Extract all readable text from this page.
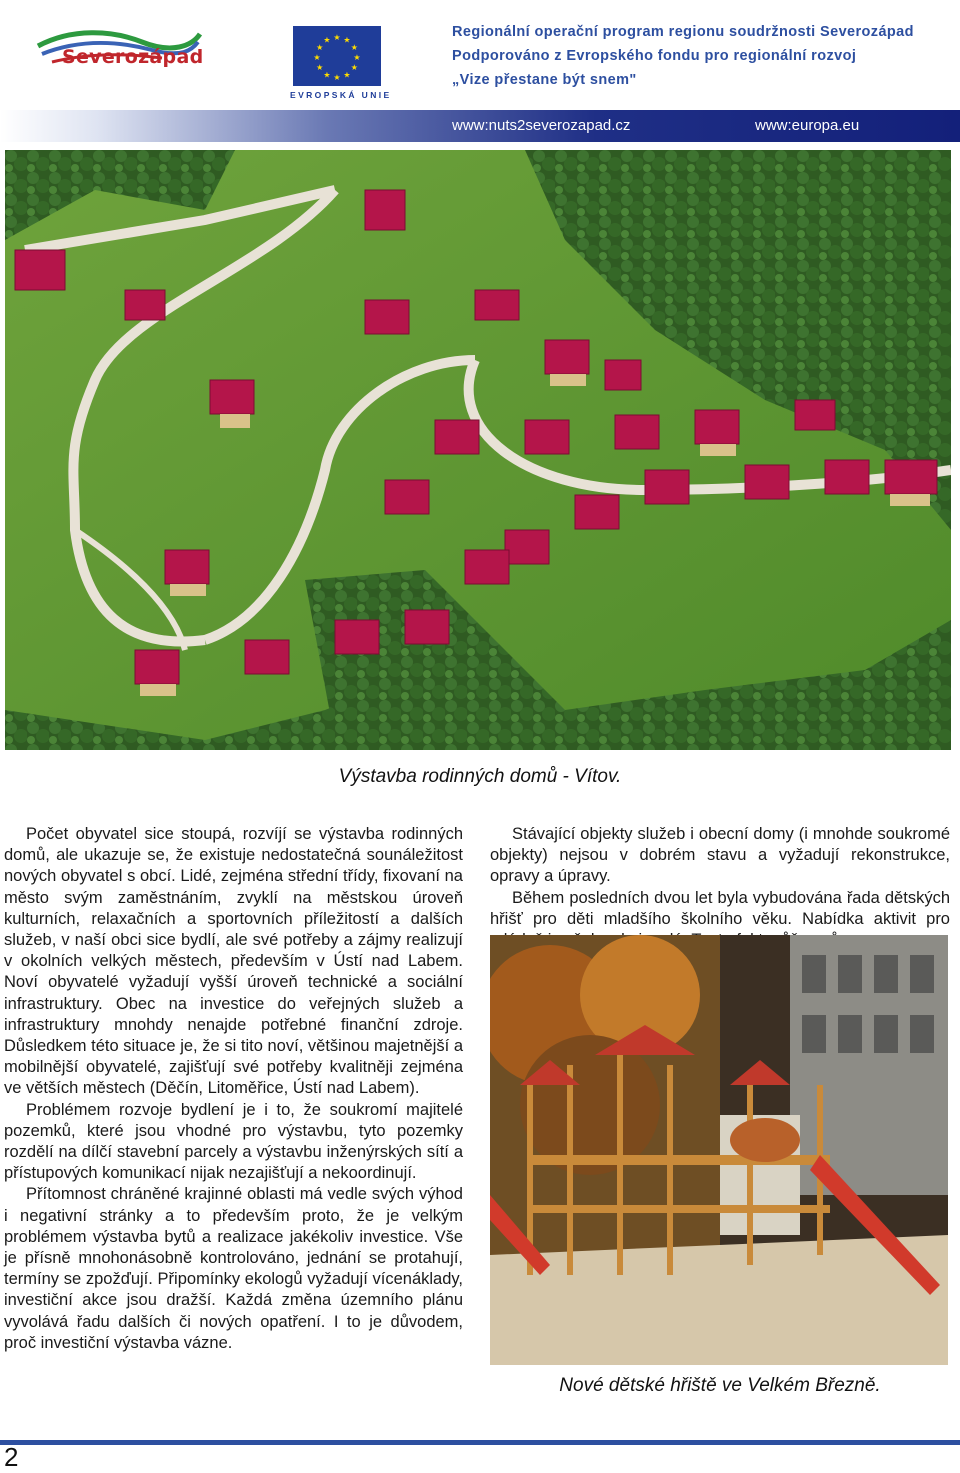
Severozápad
★ ★
★
★
★
★
★
★
★
★
★
★
EVROPSKÁ UNIE
Regionální operační program regionu soudržnosti Severozápad
Podporováno z Evropského fondu pro regionální rozvoj
„Vize přestane být snem"
www:nuts2severozapad.cz	www:europa.eu
Výstavba rodinných domů - Vítov.

Počet obyvatel sice stoupá, rozvíjí se výstavba rodinných domů, ale ukazuje se, že existuje nedostatečná sounáležitost nových obyvatel s obcí. Lidé, zejména střední třídy, fixovaní na město svým zaměstnáním, zvyklí na městskou úroveň kulturních, relaxačních a sportovních příležitostí a dalších služeb, v naší obci sice bydlí, ale své potřeby a zájmy realizují v okolních velkých městech, především v Ústí nad Labem. Noví obyvatelé vyžadují vyšší úroveň technické a sociální infrastruktury. Obec na investice do veřejných služeb a infrastruktury mnohdy nenajde potřebné finanční zdroje. Důsledkem této situace je, že si tito noví, většinou majetnější a mobilnější obyvatelé, zajišťují své potřeby kvalitněji zejména ve větších městech (Děčín, Litoměřice, Ústí nad Labem).

Problémem rozvoje bydlení je i to, že soukromí majitelé pozemků, které jsou vhodné pro výstavbu, tyto pozemky rozdělí na dílčí stavební parcely a výstavbu inženýrských sítí a přístupových komunikací nijak nezajišťují a nekoordinují.

Přítomnost chráněné krajinné oblasti má vedle svých výhod i negativní stránky a to především proto, že je velkým problémem výstavba bytů a realizace jakékoliv investice. Vše je přísně mnohonásobně kontrolováno, jednání se protahují, termíny se zpožďují. Připomínky ekologů vyžadují vícenáklady, investiční akce jsou dražší. Každá změna územního plánu vyvolává řadu dalších či nových opatření. I to je důvodem, proč investiční výstavba vázne.

Stávající objekty služeb i obecní domy (i mnohde soukromé objekty) nejsou v dobrém stavu a vyžadují rekonstrukce, opravy a úpravy.

Během posledních dvou let byla vybudována řada dětských hřišť pro děti mladšího školního věku. Nabídka aktivit pro

Nové dětské hřiště ve Velkém Březně.
2
